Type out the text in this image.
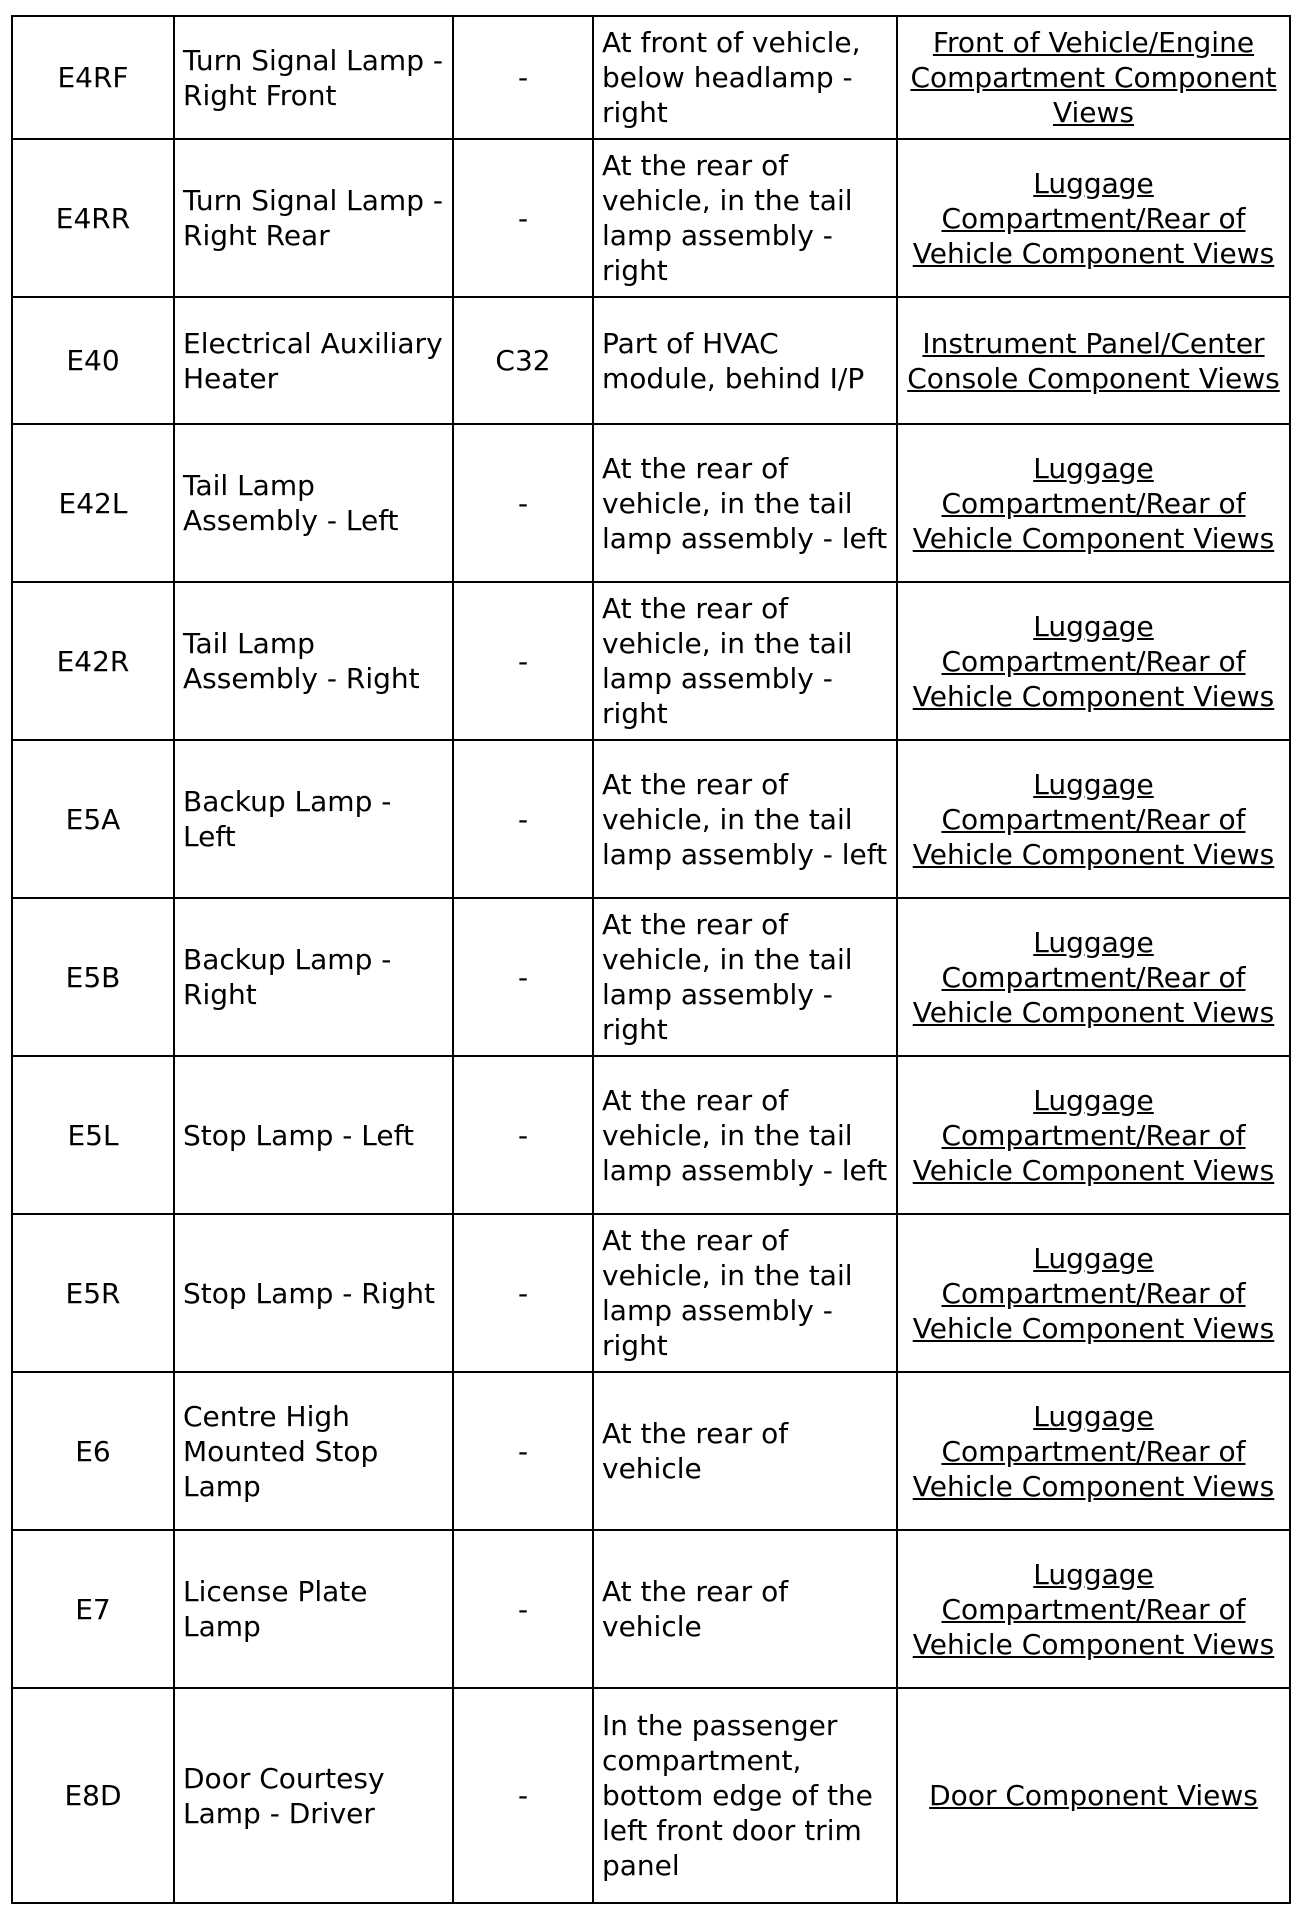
E4RF	Turn Signal Lamp - Right Front	-	At front of vehicle, below headlamp - right	Front of Vehicle/Engine Compartment Component Views
E4RR	Turn Signal Lamp - Right Rear	-	At the rear of vehicle, in the tail lamp assembly - right	Luggage Compartment/Rear of Vehicle Component Views
E40	Electrical Auxiliary Heater	C32	Part of HVAC module, behind I/P	Instrument Panel/Center Console Component Views
E42L	Tail Lamp Assembly - Left	-	At the rear of vehicle, in the tail lamp assembly - left	Luggage Compartment/Rear of Vehicle Component Views
E42R	Tail Lamp Assembly - Right	-	At the rear of vehicle, in the tail lamp assembly - right	Luggage Compartment/Rear of Vehicle Component Views
E5A	Backup Lamp - Left	-	At the rear of vehicle, in the tail lamp assembly - left	Luggage Compartment/Rear of Vehicle Component Views
E5B	Backup Lamp - Right	-	At the rear of vehicle, in the tail lamp assembly - right	Luggage Compartment/Rear of Vehicle Component Views
E5L	Stop Lamp - Left	-	At the rear of vehicle, in the tail lamp assembly - left	Luggage Compartment/Rear of Vehicle Component Views
E5R	Stop Lamp - Right	-	At the rear of vehicle, in the tail lamp assembly - right	Luggage Compartment/Rear of Vehicle Component Views
E6	Centre High Mounted Stop Lamp	-	At the rear of vehicle	Luggage Compartment/Rear of Vehicle Component Views
E7	License Plate Lamp	-	At the rear of vehicle	Luggage Compartment/Rear of Vehicle Component Views
E8D	Door Courtesy Lamp - Driver	-	In the passenger compartment, bottom edge of the left front door trim panel	Door Component Views
